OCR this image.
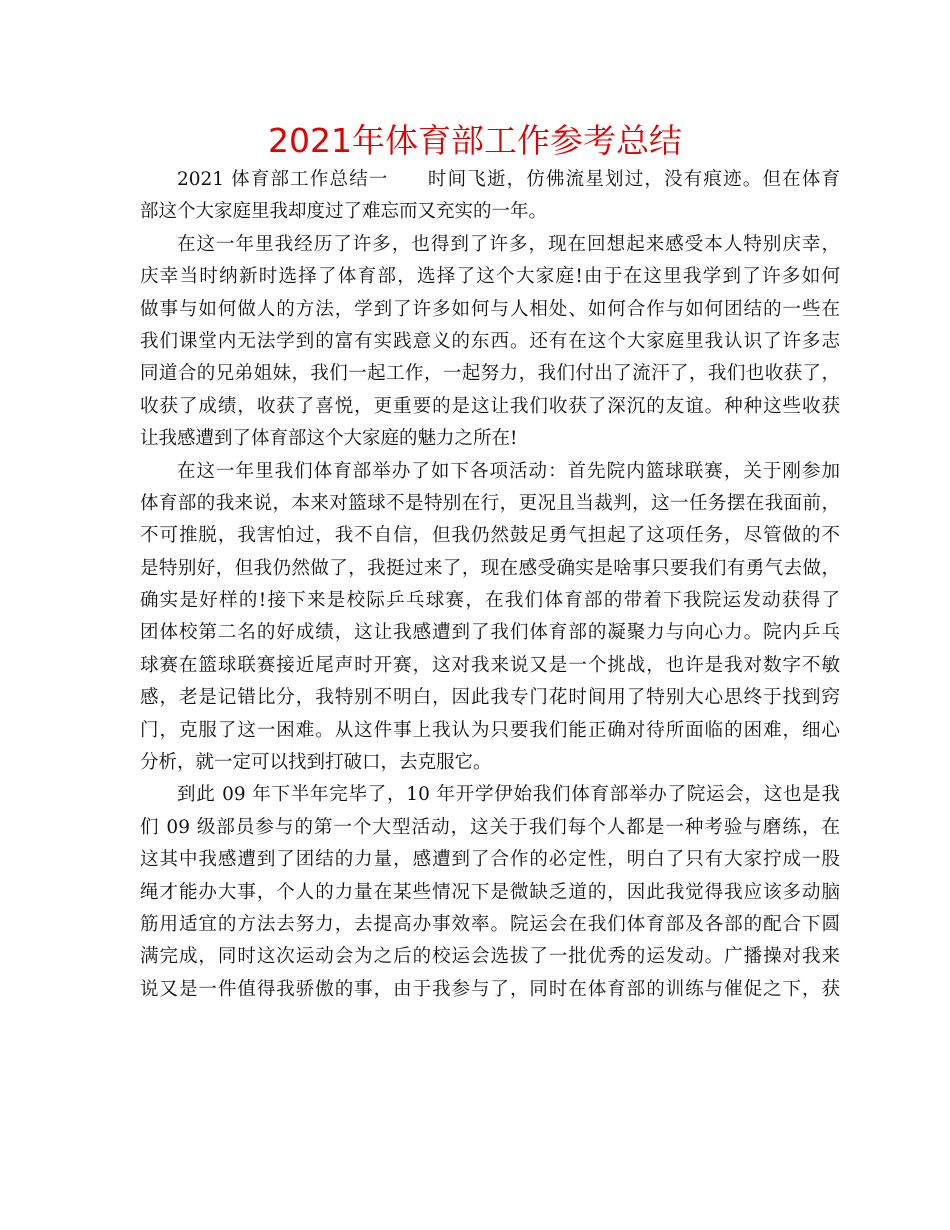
2021年体育部工作参考总结
2021 体育部工作总结一　　时间飞逝，仿佛流星划过，没有痕迹。但在体育
部这个大家庭里我却度过了难忘而又充实的一年。
在这一年里我经历了许多，也得到了许多，现在回想起来感受本人特别庆幸，
庆幸当时纳新时选择了体育部，选择了这个大家庭!由于在这里我学到了许多如何
做事与如何做人的方法，学到了许多如何与人相处、如何合作与如何团结的一些在
我们课堂内无法学到的富有实践意义的东西。还有在这个大家庭里我认识了许多志
同道合的兄弟姐妹，我们一起工作，一起努力，我们付出了流汗了，我们也收获了，
收获了成绩，收获了喜悦，更重要的是这让我们收获了深沉的友谊。种种这些收获
让我感遭到了体育部这个大家庭的魅力之所在!
在这一年里我们体育部举办了如下各项活动：首先院内篮球联赛，关于刚参加
体育部的我来说，本来对篮球不是特别在行，更况且当裁判，这一任务摆在我面前，
不可推脱，我害怕过，我不自信，但我仍然鼓足勇气担起了这项任务，尽管做的不
是特别好，但我仍然做了，我挺过来了，现在感受确实是啥事只要我们有勇气去做，
确实是好样的!接下来是校际乒乓球赛，在我们体育部的带着下我院运发动获得了
团体校第二名的好成绩，这让我感遭到了我们体育部的凝聚力与向心力。院内乒乓
球赛在篮球联赛接近尾声时开赛，这对我来说又是一个挑战，也许是我对数字不敏
感，老是记错比分，我特别不明白，因此我专门花时间用了特别大心思终于找到窍
门，克服了这一困难。从这件事上我认为只要我们能正确对待所面临的困难，细心
分析，就一定可以找到打破口，去克服它。
到此 09 年下半年完毕了，10 年开学伊始我们体育部举办了院运会，这也是我
们 09 级部员参与的第一个大型活动，这关于我们每个人都是一种考验与磨练，在
这其中我感遭到了团结的力量，感遭到了合作的必定性，明白了只有大家拧成一股
绳才能办大事，个人的力量在某些情况下是微缺乏道的，因此我觉得我应该多动脑
筋用适宜的方法去努力，去提高办事效率。院运会在我们体育部及各部的配合下圆
满完成，同时这次运动会为之后的校运会选拔了一批优秀的运发动。广播操对我来
说又是一件值得我骄傲的事，由于我参与了，同时在体育部的训练与催促之下，获
